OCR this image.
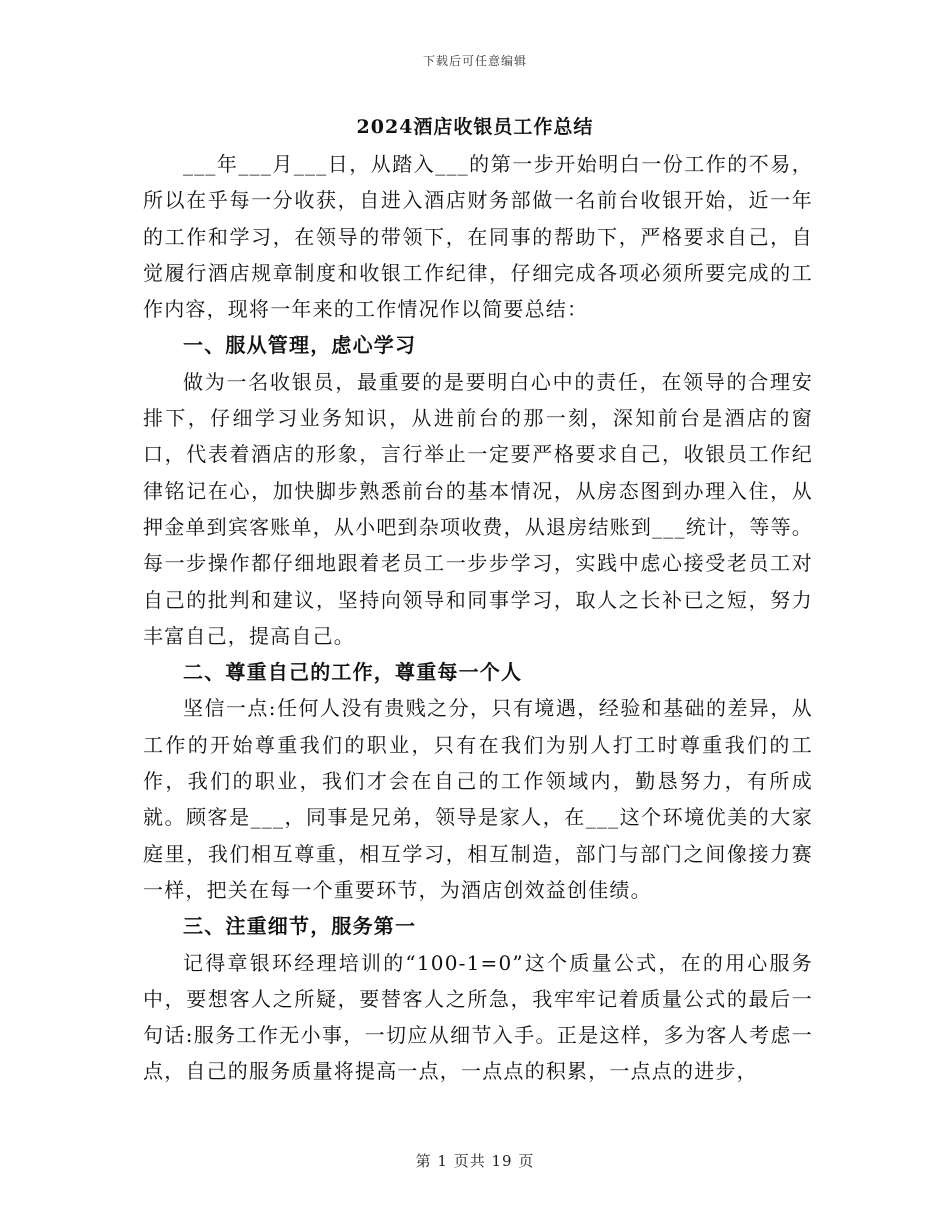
下载后可任意编辑
2024酒店收银员工作总结

___年___月___日，从踏入___的第一步开始明白一份工作的不易，所以在乎每一分收获，自进入酒店财务部做一名前台收银开始，近一年的工作和学习，在领导的带领下，在同事的帮助下，严格要求自己，自觉履行酒店规章制度和收银工作纪律，仔细完成各项必须所要完成的工作内容，现将一年来的工作情况作以简要总结：

一、服从管理，虑心学习

做为一名收银员，最重要的是要明白心中的责任，在领导的合理安排下，仔细学习业务知识，从进前台的那一刻，深知前台是酒店的窗口，代表着酒店的形象，言行举止一定要严格要求自己，收银员工作纪律铭记在心，加快脚步熟悉前台的基本情况，从房态图到办理入住，从押金单到宾客账单，从小吧到杂项收费，从退房结账到___统计，等等。每一步操作都仔细地跟着老员工一步步学习，实践中虑心接受老员工对自己的批判和建议，坚持向领导和同事学习，取人之长补已之短，努力丰富自己，提高自己。

二、尊重自己的工作，尊重每一个人

坚信一点:任何人没有贵贱之分，只有境遇，经验和基础的差异，从工作的开始尊重我们的职业，只有在我们为别人打工时尊重我们的工作，我们的职业，我们才会在自己的工作领域内，勤恳努力，有所成就。顾客是___，同事是兄弟，领导是家人，在___这个环境优美的大家庭里，我们相互尊重，相互学习，相互制造，部门与部门之间像接力赛一样，把关在每一个重要环节，为酒店创效益创佳绩。

三、注重细节，服务第一

记得章银环经理培训的“100-1=0”这个质量公式，在的用心服务中，要想客人之所疑，要替客人之所急，我牢牢记着质量公式的最后一句话:服务工作无小事，一切应从细节入手。正是这样，多为客人考虑一点，自己的服务质量将提高一点，一点点的积累，一点点的进步，

第 1 页共 19 页
